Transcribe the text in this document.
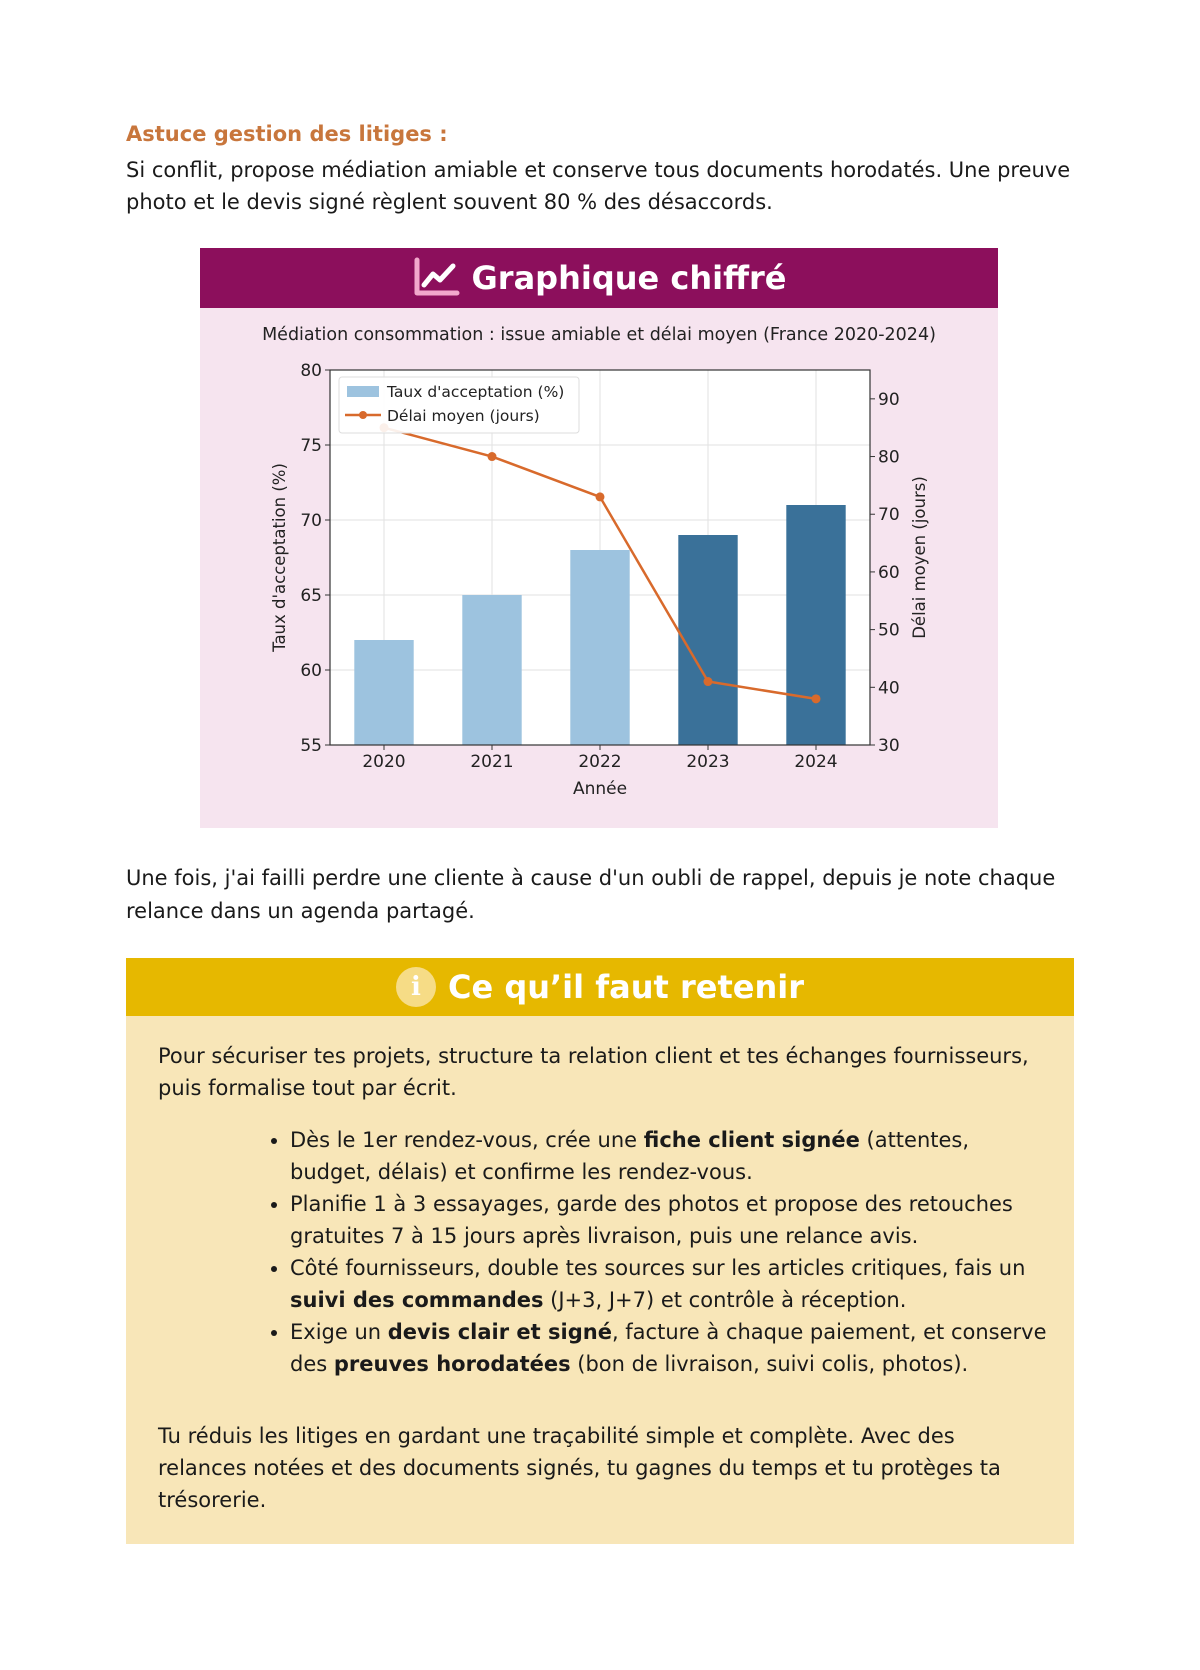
Astuce gestion des litiges :
Si conflit, propose médiation amiable et conserve tous documents horodatés. Une preuve photo et le devis signé règlent souvent 80 % des désaccords.
Graphique chiffré
55
60
65
70
75
80
30
40
50
60
70
80
90
2020	2021	2022	2023	2024
Médiation consommation : issue amiable et délai moyen (France 2020-2024)
Année
Taux d'acceptation (%)	Délai moyen (jours)
Taux d'acceptation (%)
Délai moyen (jours)
Une fois, j'ai failli perdre une cliente à cause d'un oubli de rappel, depuis je note chaque relance dans un agenda partagé.
i Ce qu’il faut retenir
Pour sécuriser tes projets, structure ta relation client et tes échanges fournisseurs, puis formalise tout par écrit.
• Dès le 1er rendez-vous, crée une fiche client signée (attentes, budget, délais) et confirme les rendez-vous.
• Planifie 1 à 3 essayages, garde des photos et propose des retouches gratuites 7 à 15 jours après livraison, puis une relance avis.
• Côté fournisseurs, double tes sources sur les articles critiques, fais un suivi des commandes (J+3, J+7) et contrôle à réception.
• Exige un devis clair et signé, facture à chaque paiement, et conserve des preuves horodatées (bon de livraison, suivi colis, photos).
Tu réduis les litiges en gardant une traçabilité simple et complète. Avec des relances notées et des documents signés, tu gagnes du temps et tu protèges ta trésorerie.
